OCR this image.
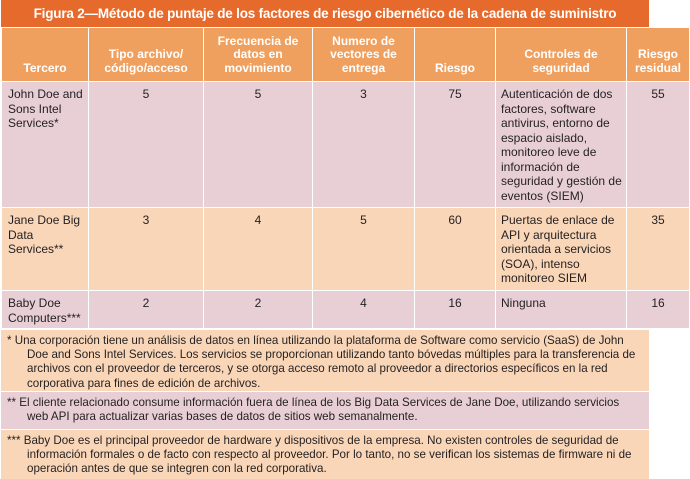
Figura 2—Método de puntaje de los factores de riesgo cibernético de la cadena de suministro
Tercero	Tipo archivo/ código/acceso	Frecuencia de datos en movimiento	Numero de vectores de entrega	Riesgo	Controles de seguridad	Riesgo residual
John Doe and Sons Intel Services*	5	5	3	75	Autenticación de dos factores, software antivirus, entorno de espacio aislado, monitoreo leve de información de seguridad y gestión de eventos (SIEM)	55
Jane Doe Big Data Services**	3	4	5	60	Puertas de enlace de API y arquitectura orientada a servicios (SOA), intenso monitoreo SIEM	35
Baby Doe Computers***	2	2	4	16	Ninguna	16
* Una corporación tiene un análisis de datos en línea utilizando la plataforma de Software como servicio (SaaS) de John Doe and Sons Intel Services. Los servicios se proporcionan utilizando tanto bóvedas múltiples para la transferencia de archivos con el proveedor de terceros, y se otorga acceso remoto al proveedor a directorios específicos en la red corporativa para fines de edición de archivos.
** El cliente relacionado consume información fuera de línea de los Big Data Services de Jane Doe, utilizando servicios web API para actualizar varias bases de datos de sitios web semanalmente.
*** Baby Doe es el principal proveedor de hardware y dispositivos de la empresa. No existen controles de seguridad de información formales o de facto con respecto al proveedor. Por lo tanto, no se verifican los sistemas de firmware ni de operación antes de que se integren con la red corporativa.
